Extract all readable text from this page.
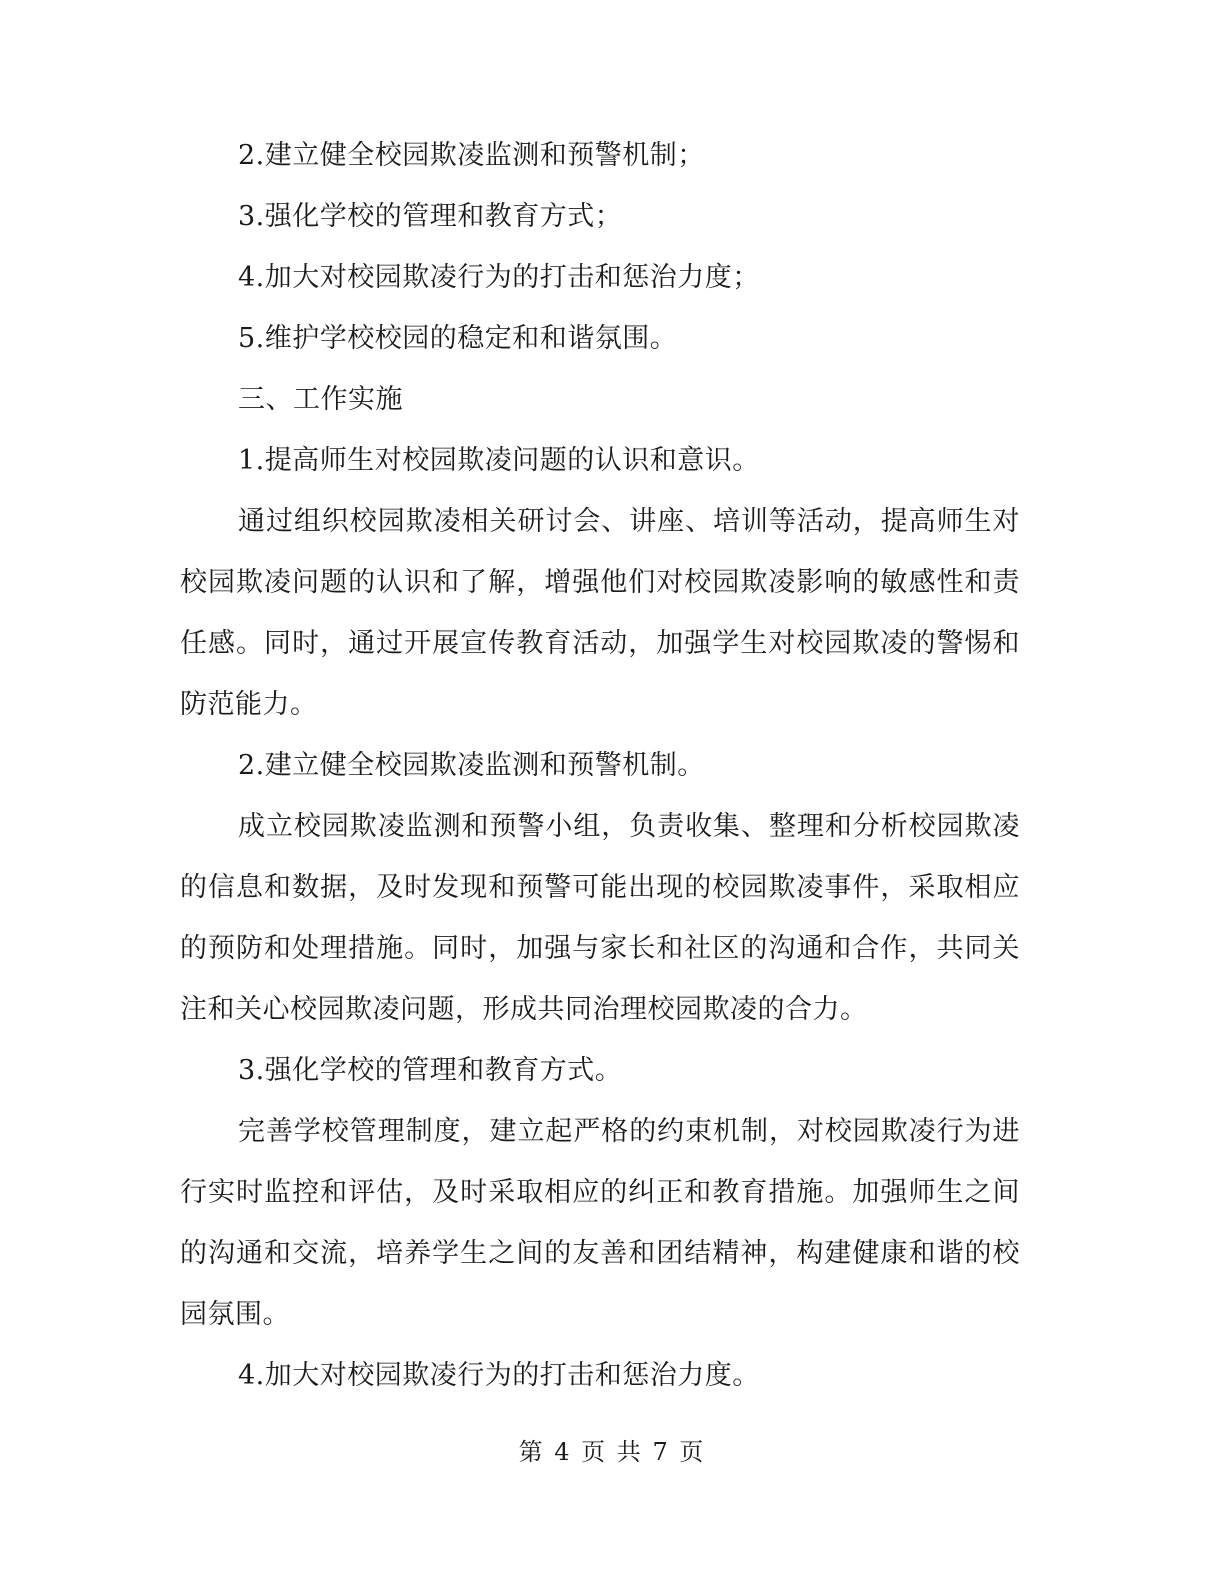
2.建立健全校园欺凌监测和预警机制；

3.强化学校的管理和教育方式；

4.加大对校园欺凌行为的打击和惩治力度；

5.维护学校校园的稳定和和谐氛围。

三、工作实施

1.提高师生对校园欺凌问题的认识和意识。

通过组织校园欺凌相关研讨会、讲座、培训等活动，提高师生对校园欺凌问题的认识和了解，增强他们对校园欺凌影响的敏感性和责任感。同时，通过开展宣传教育活动，加强学生对校园欺凌的警惕和防范能力。

2.建立健全校园欺凌监测和预警机制。

成立校园欺凌监测和预警小组，负责收集、整理和分析校园欺凌的信息和数据，及时发现和预警可能出现的校园欺凌事件，采取相应的预防和处理措施。同时，加强与家长和社区的沟通和合作，共同关注和关心校园欺凌问题，形成共同治理校园欺凌的合力。

3.强化学校的管理和教育方式。

完善学校管理制度，建立起严格的约束机制，对校园欺凌行为进行实时监控和评估，及时采取相应的纠正和教育措施。加强师生之间的沟通和交流，培养学生之间的友善和团结精神，构建健康和谐的校园氛围。

4.加大对校园欺凌行为的打击和惩治力度。

第 4 页 共 7 页
